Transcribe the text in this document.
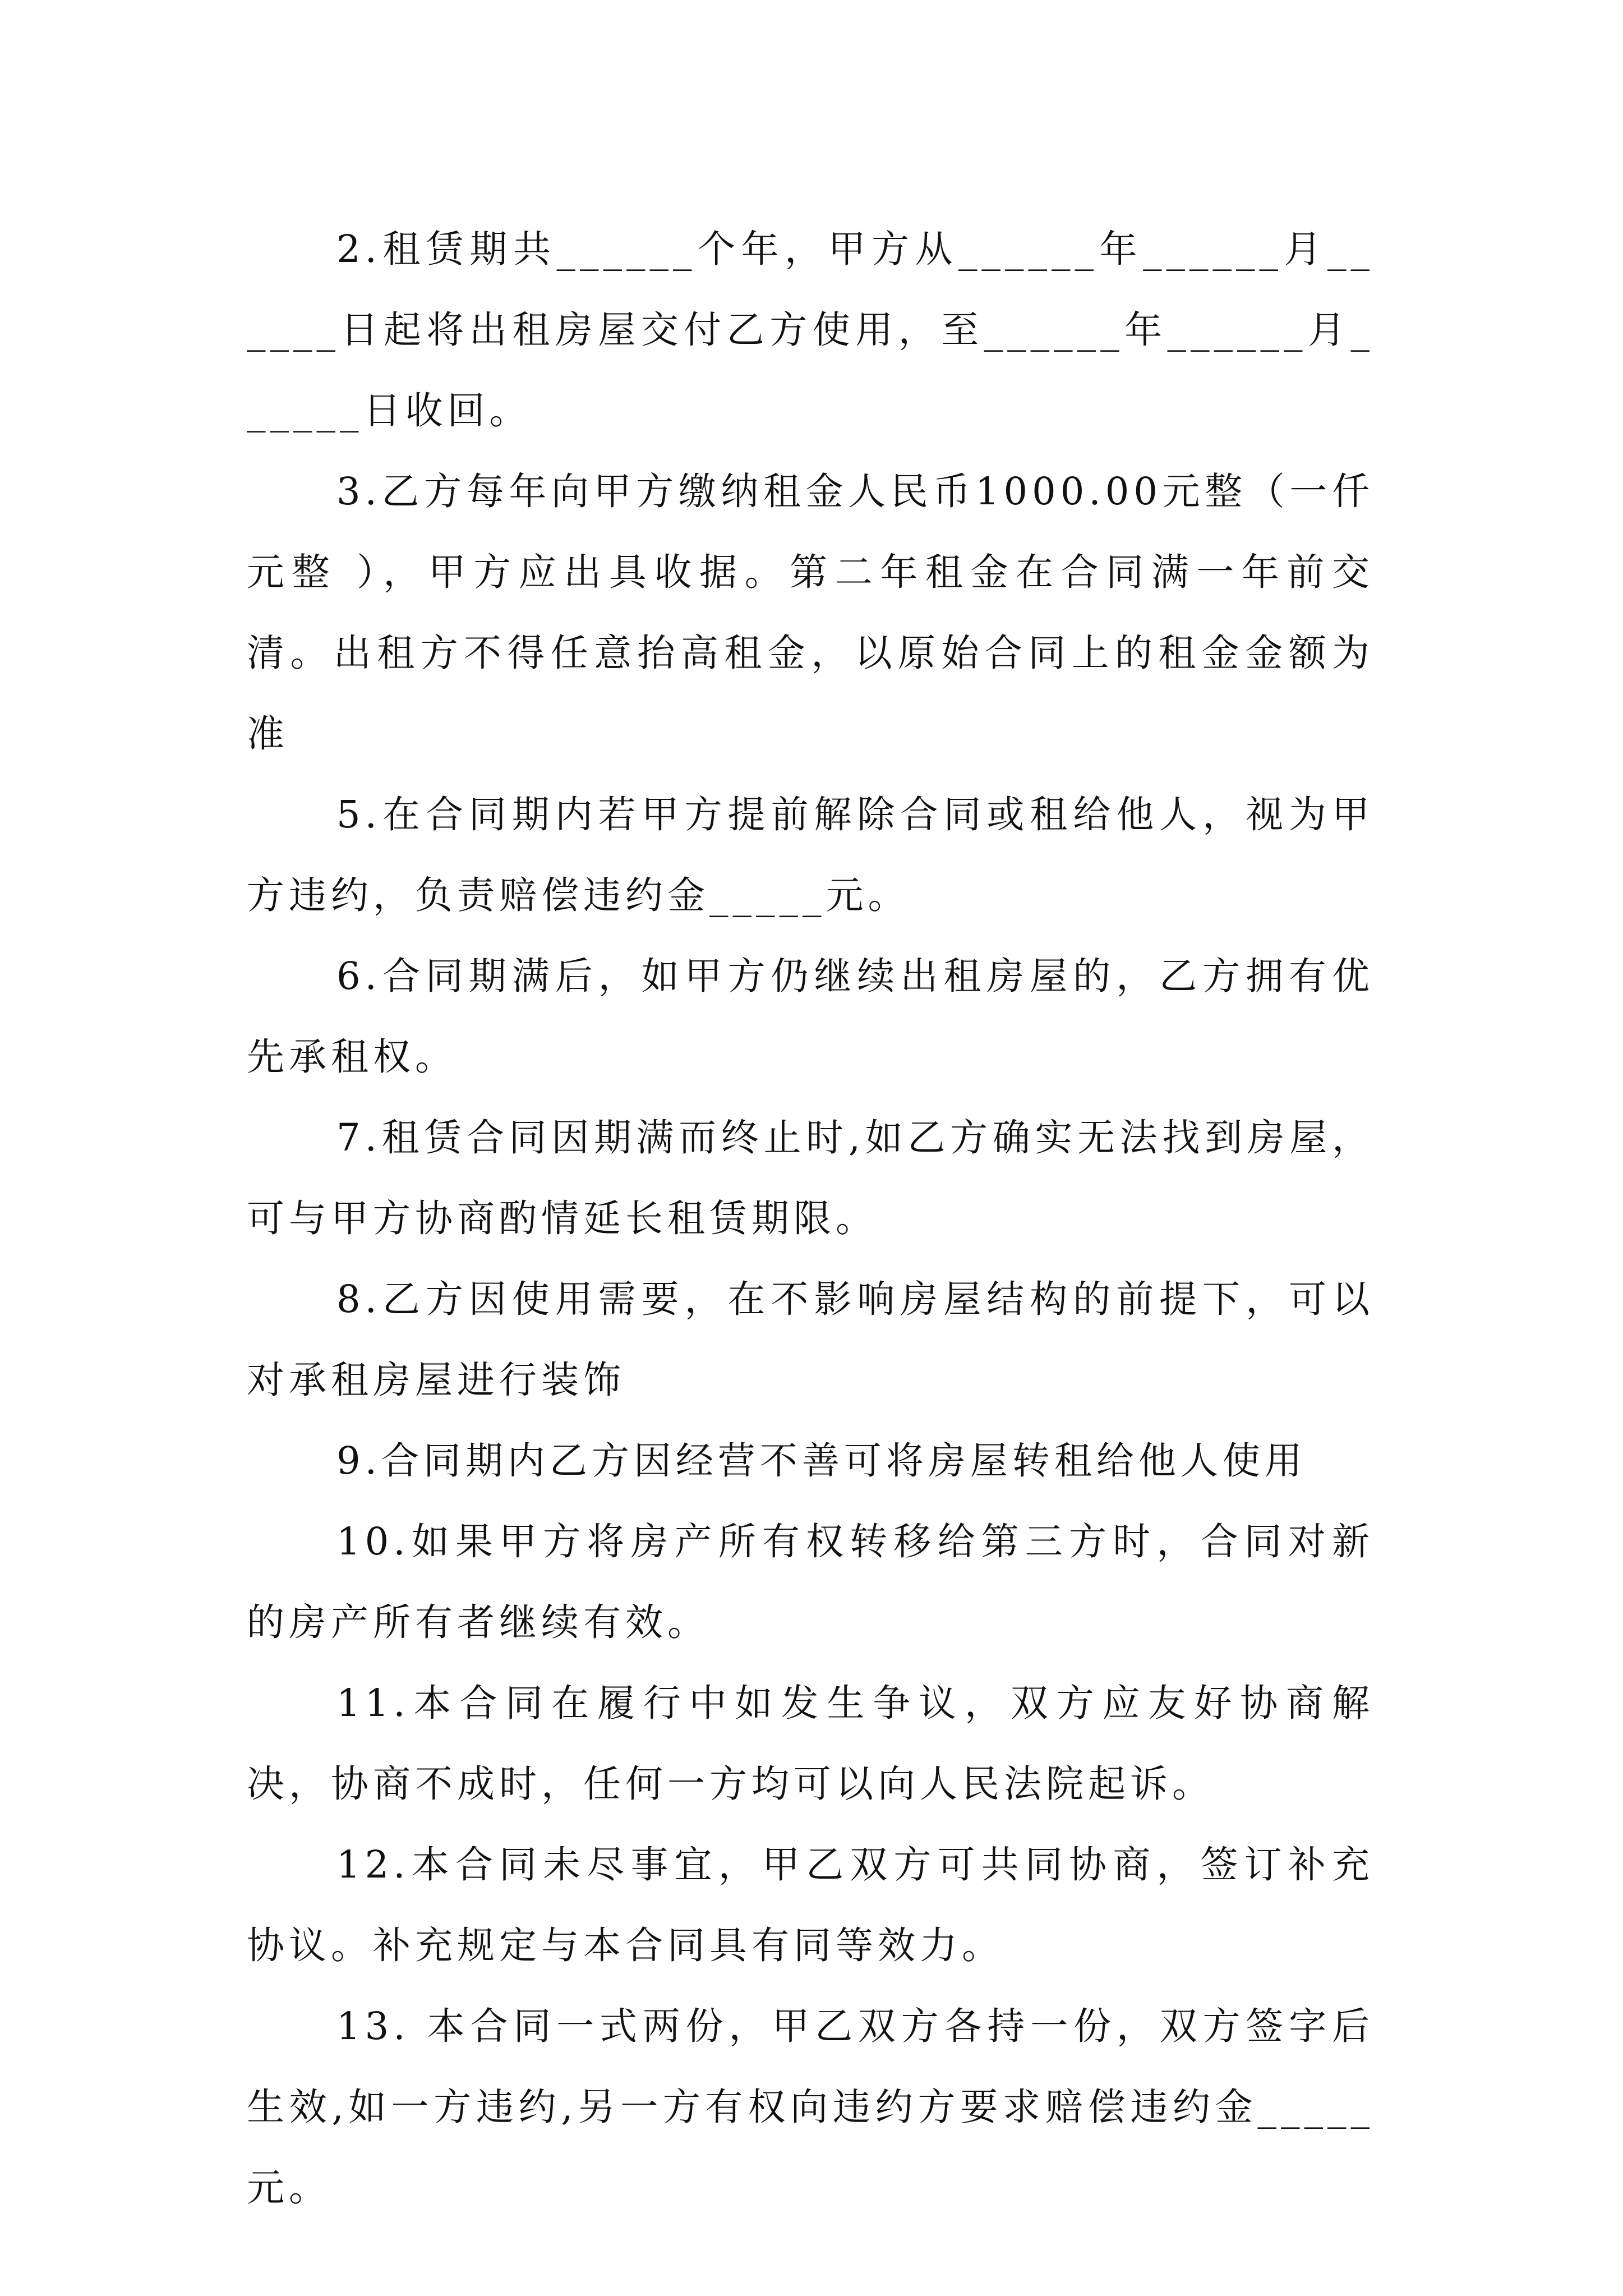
2.租赁期共______个年，甲方从______年______月______日起将出租房屋交付乙方使用，至______年______月______日收回。

3.乙方每年向甲方缴纳租金人民币1000.00元整（一仟元整 ），甲方应出具收据。第二年租金在合同满一年前交清。出租方不得任意抬高租金，以原始合同上的租金金额为准

5.在合同期内若甲方提前解除合同或租给他人，视为甲方违约，负责赔偿违约金_____元。

6.合同期满后，如甲方仍继续出租房屋的，乙方拥有优先承租权。

7.租赁合同因期满而终止时,如乙方确实无法找到房屋，可与甲方协商酌情延长租赁期限。

8.乙方因使用需要，在不影响房屋结构的前提下，可以对承租房屋进行装饰

9.合同期内乙方因经营不善可将房屋转租给他人使用

10.如果甲方将房产所有权转移给第三方时，合同对新的房产所有者继续有效。

11.本合同在履行中如发生争议，双方应友好协商解决，协商不成时，任何一方均可以向人民法院起诉。

12.本合同未尽事宜，甲乙双方可共同协商，签订补充协议。补充规定与本合同具有同等效力。

13. 本合同一式两份，甲乙双方各持一份，双方签字后生效,如一方违约,另一方有权向违约方要求赔偿违约金_____元。
